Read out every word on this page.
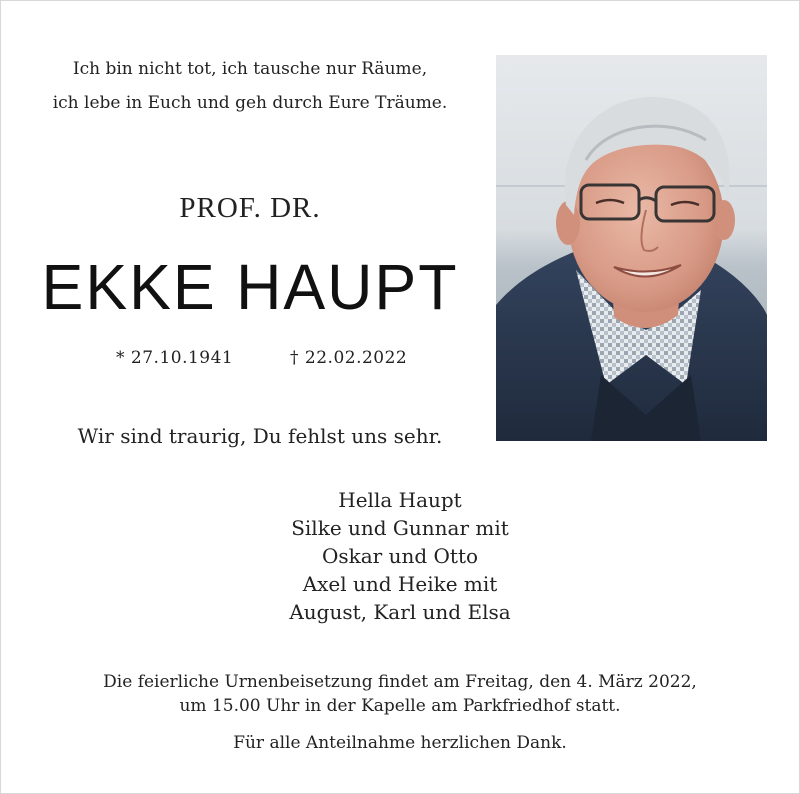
Ich bin nicht tot, ich tausche nur Räume,
ich lebe in Euch und geh durch Eure Träume.
PROF. DR.
EKKE HAUPT
* 27.10.1941	† 22.02.2022
Wir sind traurig, Du fehlst uns sehr.
Hella Haupt
Silke und Gunnar mit
Oskar und Otto
Axel und Heike mit
August, Karl und Elsa
Die feierliche Urnenbeisetzung findet am Freitag, den 4. März 2022,
um 15.00 Uhr in der Kapelle am Parkfriedhof statt.
Für alle Anteilnahme herzlichen Dank.
